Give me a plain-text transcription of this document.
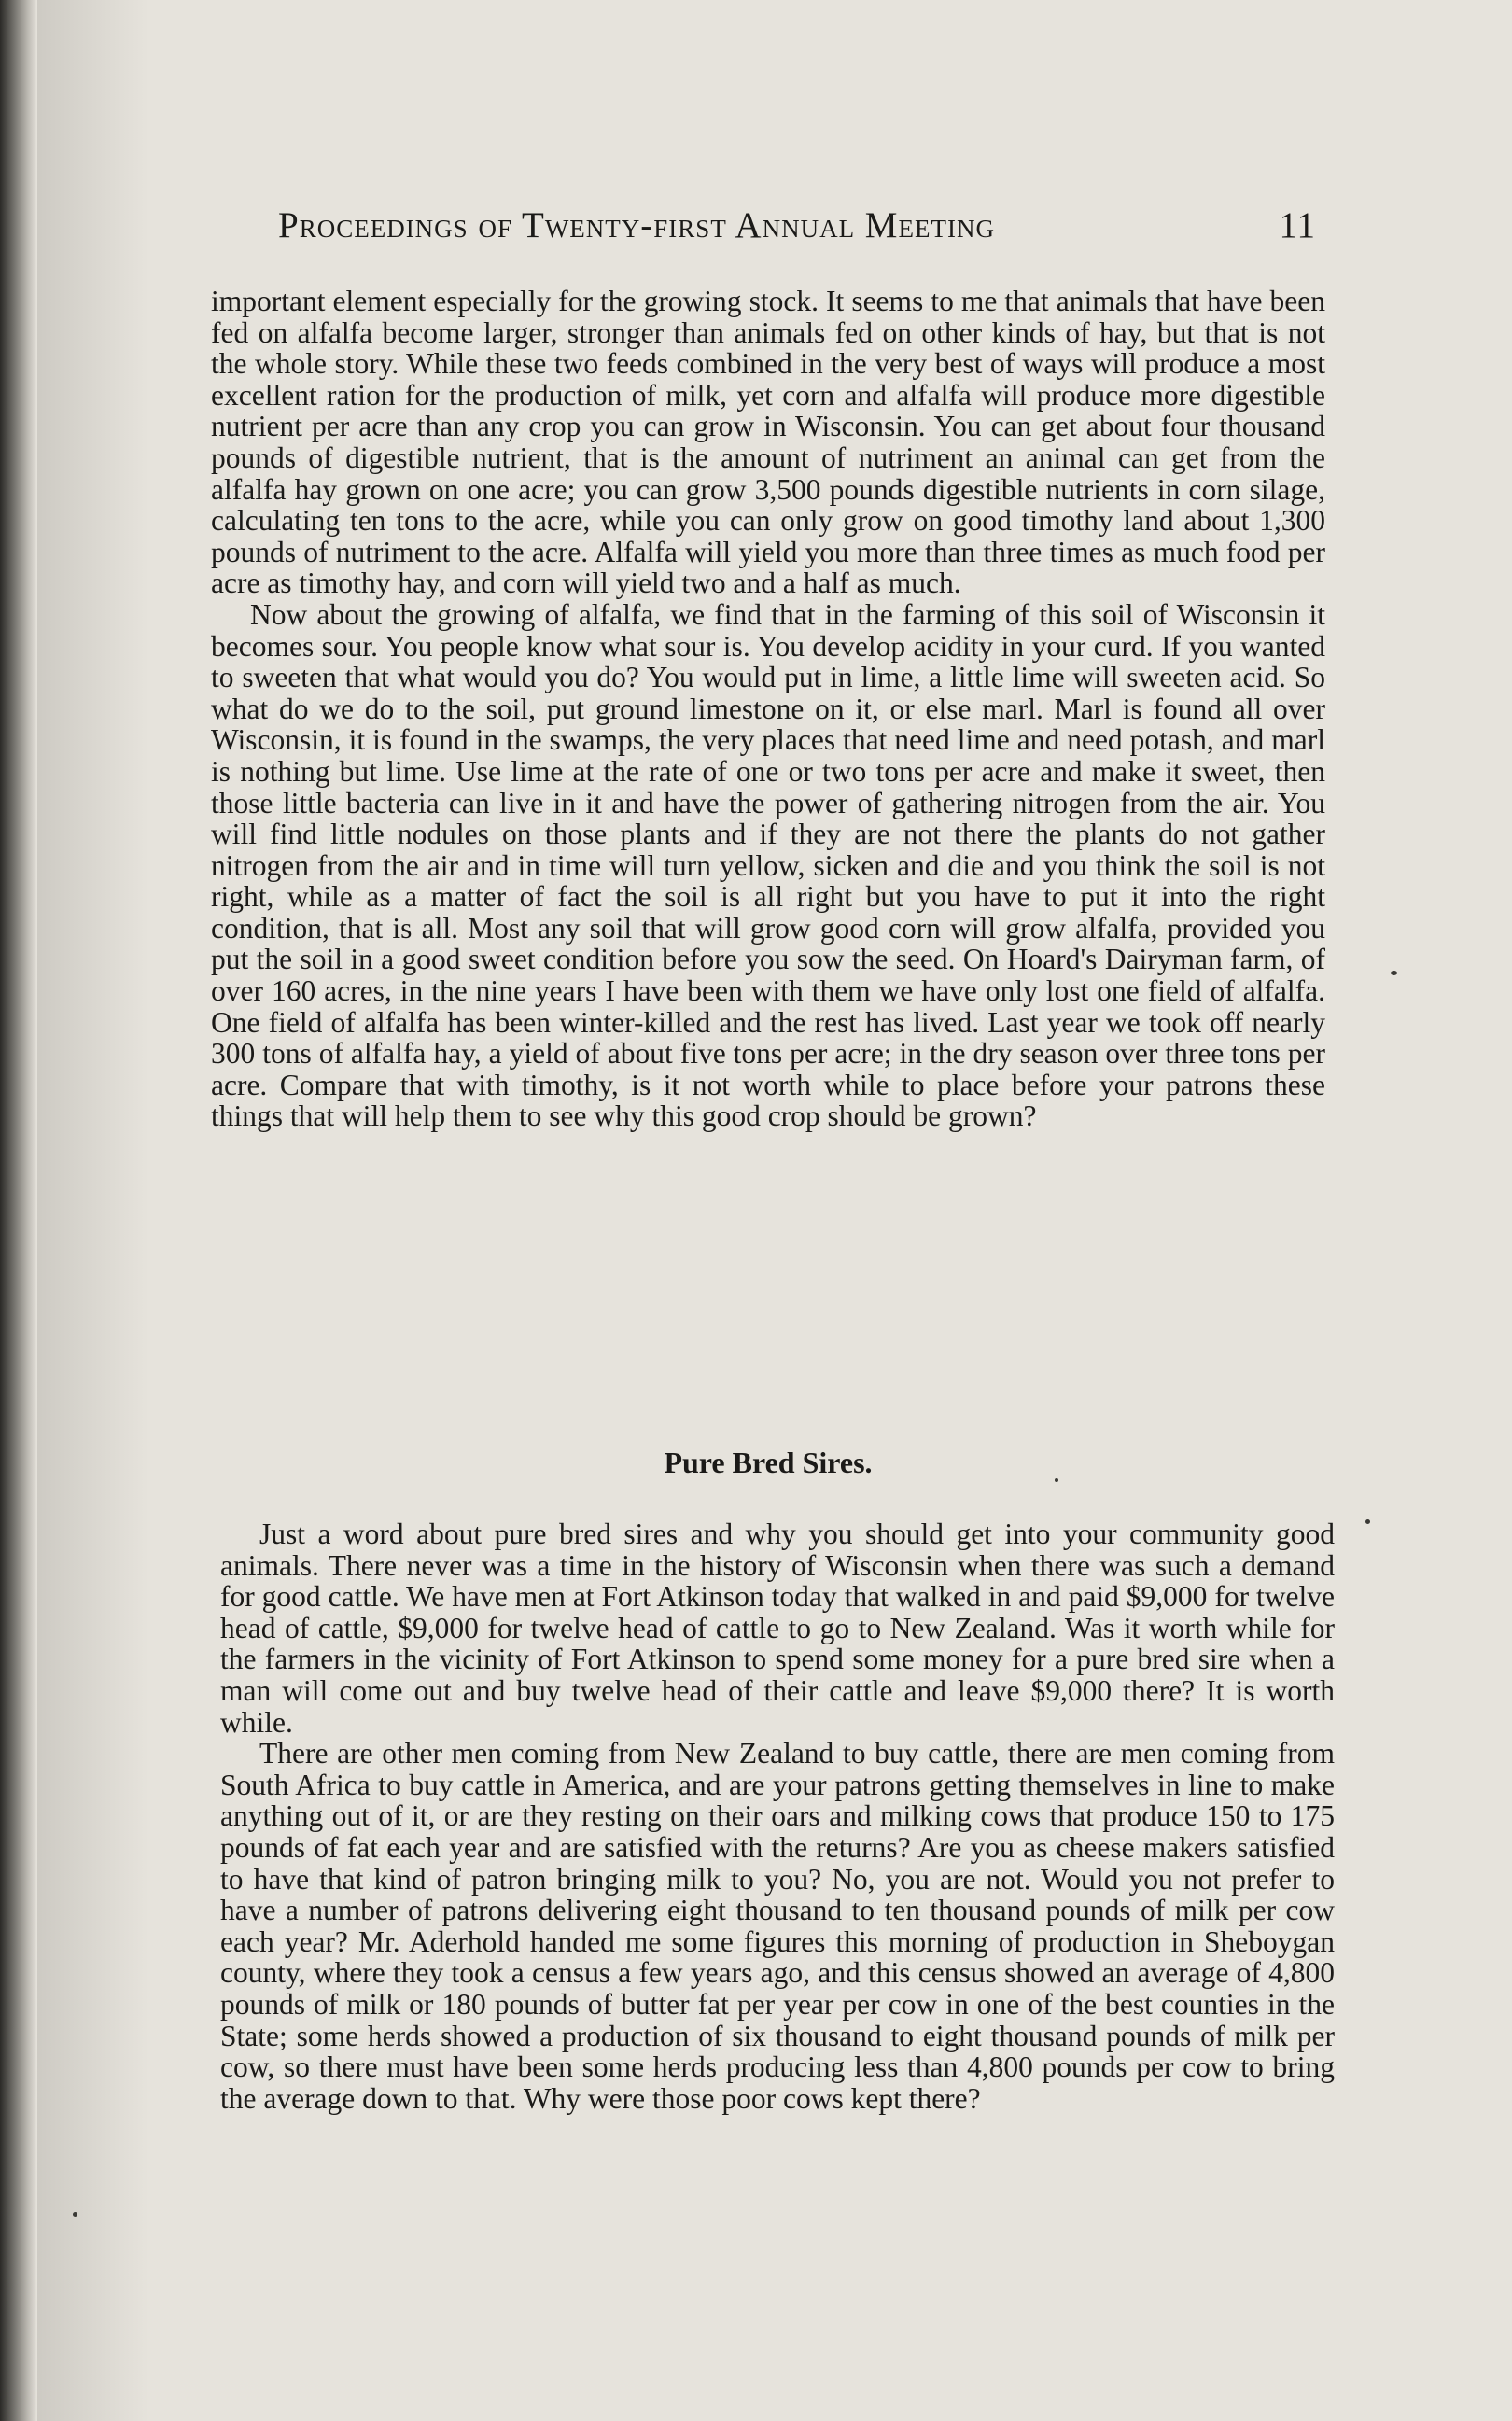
Proceedings of Twenty-first Annual Meeting	11

important element especially for the growing stock. It seems to me that animals that have been fed on alfalfa become larger, stronger than animals fed on other kinds of hay, but that is not the whole story. While these two feeds combined in the very best of ways will produce a most excellent ration for the production of milk, yet corn and alfalfa will produce more digestible nutrient per acre than any crop you can grow in Wisconsin. You can get about four thousand pounds of digestible nutrient, that is the amount of nutriment an animal can get from the alfalfa hay grown on one acre; you can grow 3,500 pounds digestible nutrients in corn silage, calculating ten tons to the acre, while you can only grow on good timothy land about 1,300 pounds of nutriment to the acre. Alfalfa will yield you more than three times as much food per acre as timothy hay, and corn will yield two and a half as much.

Now about the growing of alfalfa, we find that in the farming of this soil of Wisconsin it becomes sour. You people know what sour is. You develop acidity in your curd. If you wanted to sweeten that what would you do? You would put in lime, a little lime will sweeten acid. So what do we do to the soil, put ground limestone on it, or else marl. Marl is found all over Wisconsin, it is found in the swamps, the very places that need lime and need potash, and marl is nothing but lime. Use lime at the rate of one or two tons per acre and make it sweet, then those little bacteria can live in it and have the power of gathering nitrogen from the air. You will find little nodules on those plants and if they are not there the plants do not gather nitrogen from the air and in time will turn yellow, sicken and die and you think the soil is not right, while as a matter of fact the soil is all right but you have to put it into the right condition, that is all. Most any soil that will grow good corn will grow alfalfa, provided you put the soil in a good sweet condition before you sow the seed. On Hoard's Dairyman farm, of over 160 acres, in the nine years I have been with them we have only lost one field of alfalfa. One field of alfalfa has been winter-killed and the rest has lived. Last year we took off nearly 300 tons of alfalfa hay, a yield of about five tons per acre; in the dry season over three tons per acre. Compare that with timothy, is it not worth while to place before your patrons these things that will help them to see why this good crop should be grown?

Pure Bred Sires.

Just a word about pure bred sires and why you should get into your community good animals. There never was a time in the history of Wisconsin when there was such a demand for good cattle. We have men at Fort Atkinson today that walked in and paid $9,000 for twelve head of cattle, $9,000 for twelve head of cattle to go to New Zealand. Was it worth while for the farmers in the vicinity of Fort Atkinson to spend some money for a pure bred sire when a man will come out and buy twelve head of their cattle and leave $9,000 there? It is worth while.

There are other men coming from New Zealand to buy cattle, there are men coming from South Africa to buy cattle in America, and are your patrons getting themselves in line to make anything out of it, or are they resting on their oars and milking cows that produce 150 to 175 pounds of fat each year and are satisfied with the returns? Are you as cheese makers satisfied to have that kind of patron bringing milk to you? No, you are not. Would you not prefer to have a number of patrons delivering eight thousand to ten thousand pounds of milk per cow each year? Mr. Aderhold handed me some figures this morning of production in Sheboygan county, where they took a census a few years ago, and this census showed an average of 4,800 pounds of milk or 180 pounds of butter fat per year per cow in one of the best counties in the State; some herds showed a production of six thousand to eight thousand pounds of milk per cow, so there must have been some herds producing less than 4,800 pounds per cow to bring the average down to that. Why were those poor cows kept there?
